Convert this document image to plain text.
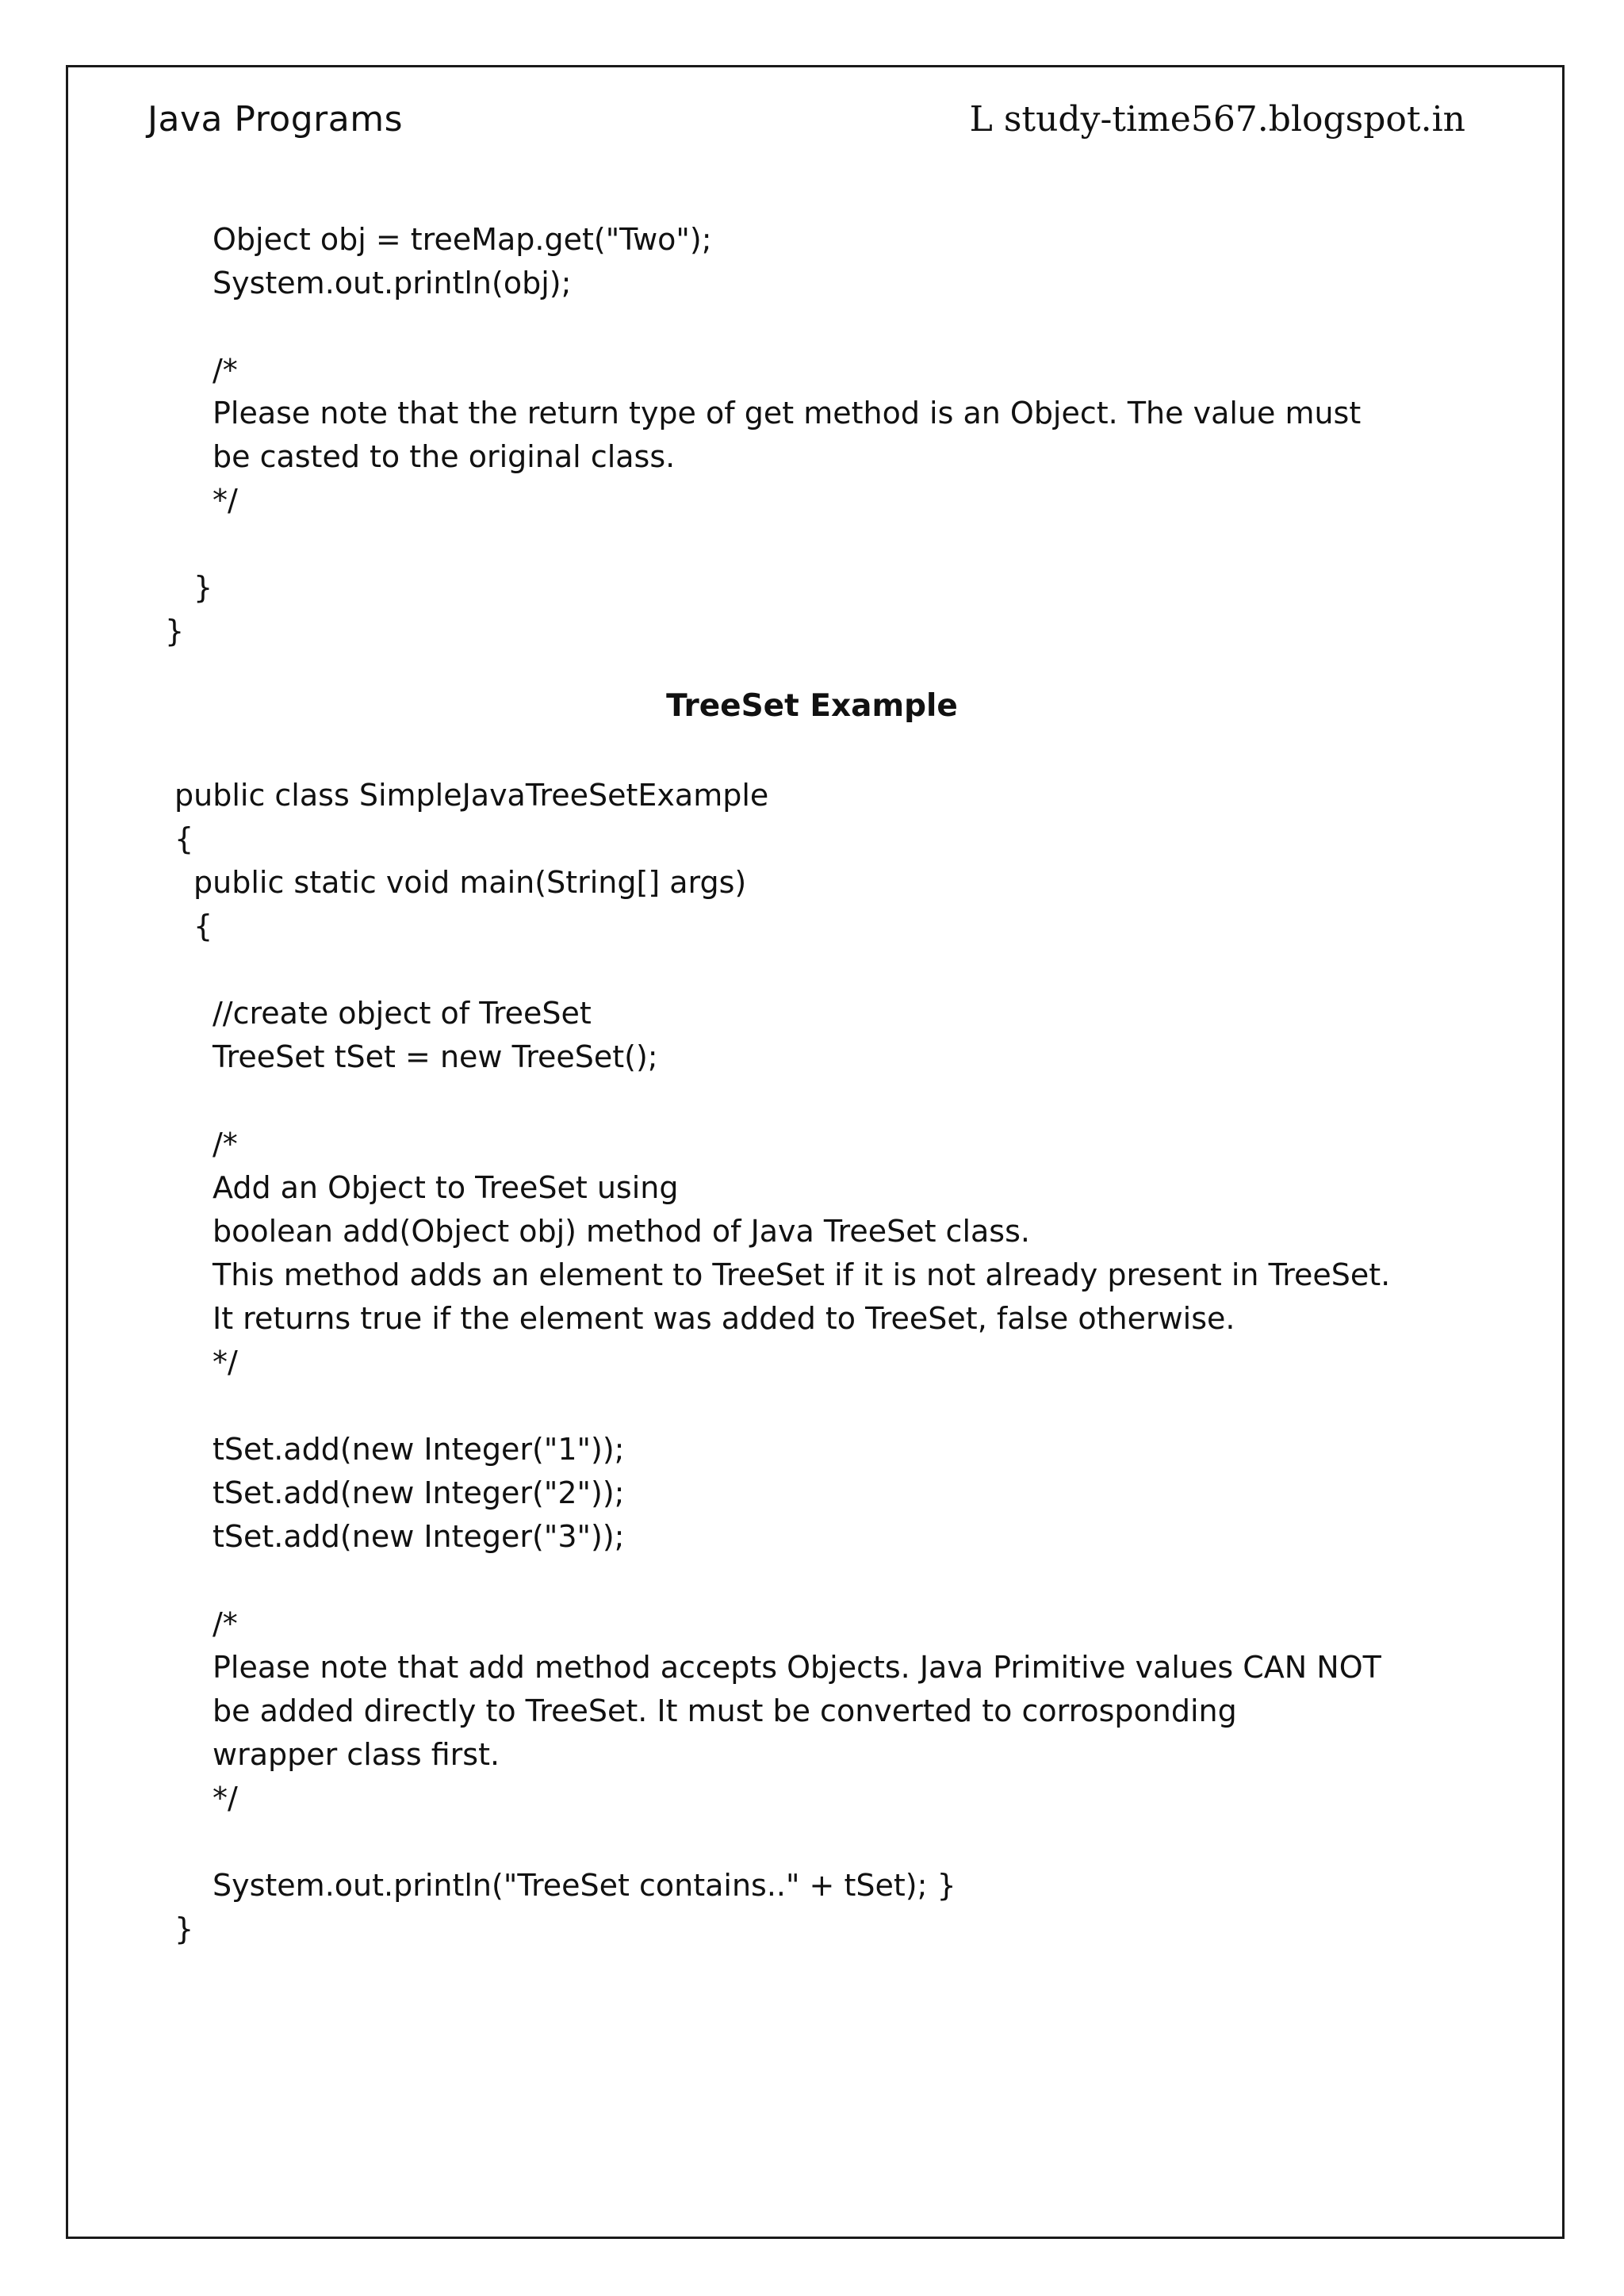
Java Programs	L study-time567.blogspot.in
Object obj = treeMap.get("Two");
System.out.println(obj);
/*
Please note that the return type of get method is an Object. The value must
be casted to the original class.
*/
}
}
TreeSet Example
public class SimpleJavaTreeSetExample
{
public static void main(String[] args)
{
//create object of TreeSet
TreeSet tSet = new TreeSet();
/*
Add an Object to TreeSet using
boolean add(Object obj) method of Java TreeSet class.
This method adds an element to TreeSet if it is not already present in TreeSet.
It returns true if the element was added to TreeSet, false otherwise.
*/
tSet.add(new Integer("1"));
tSet.add(new Integer("2"));
tSet.add(new Integer("3"));
/*
Please note that add method accepts Objects. Java Primitive values CAN NOT
be added directly to TreeSet. It must be converted to corrosponding
wrapper class first.
*/
System.out.println("TreeSet contains.." + tSet); }
}
